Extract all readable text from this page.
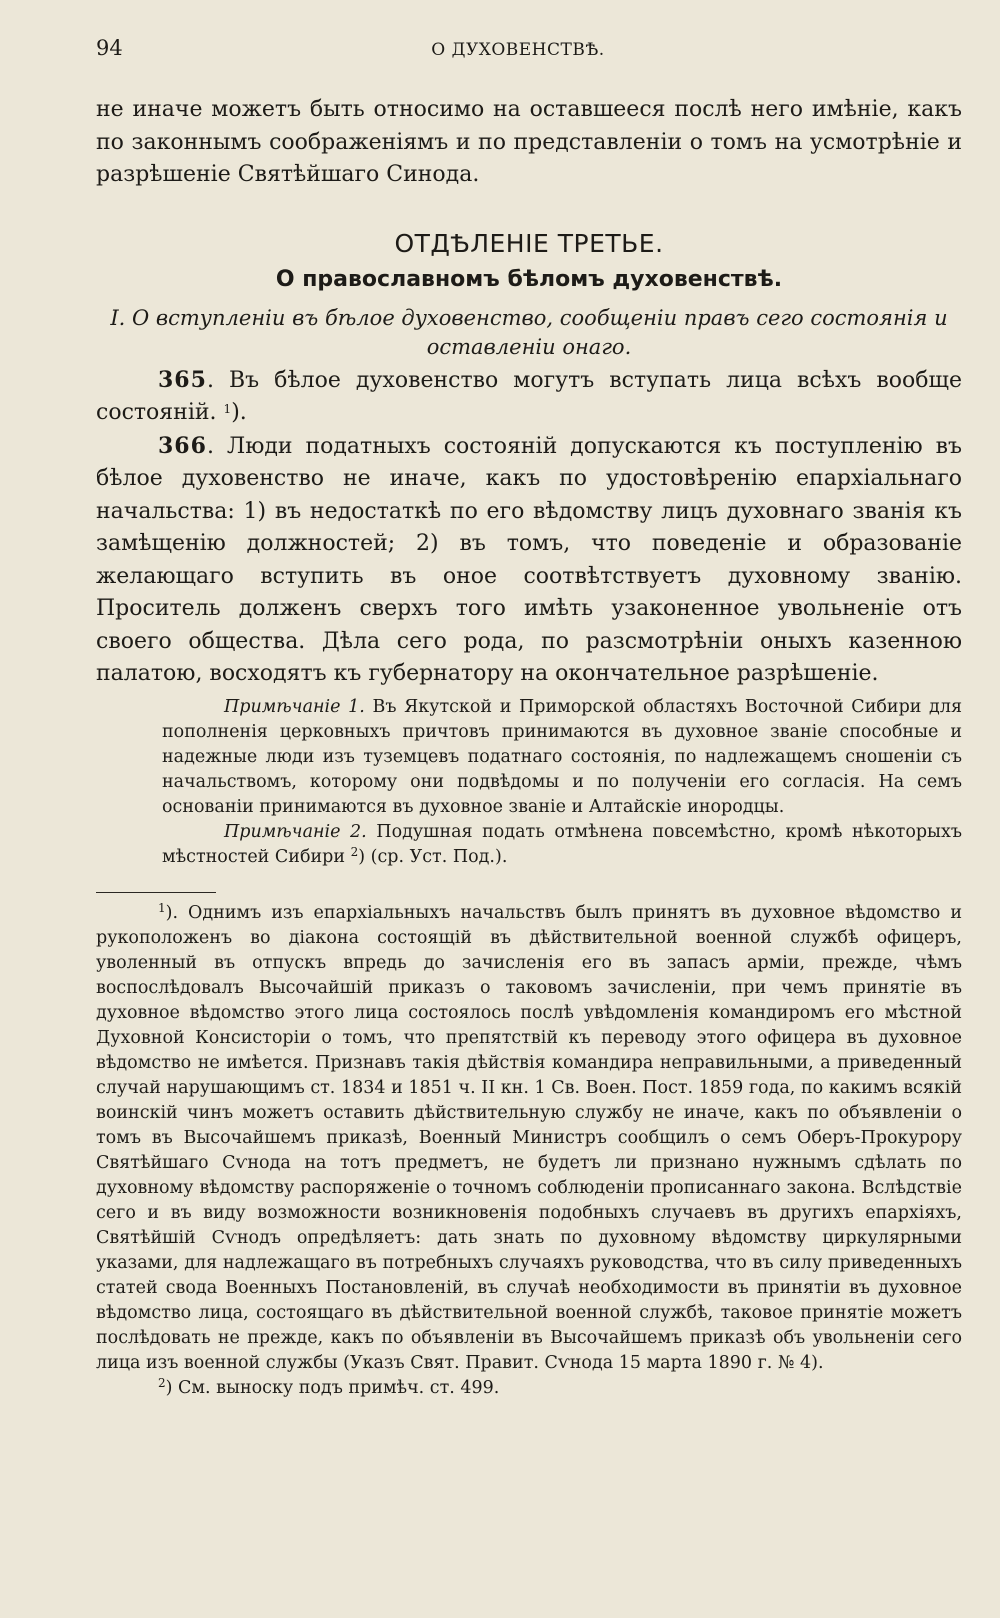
94	О ДУХОВЕНСТВѢ.

не иначе можетъ быть относимо на оставшееся послѣ него имѣніе, какъ по законнымъ соображеніямъ и по представленіи о томъ на усмотрѣніе и разрѣшеніе Святѣйшаго Синода.

ОТДѢЛЕНІЕ ТРЕТЬЕ.
О православномъ бѣломъ духовенствѣ.
I. О вступленіи въ бѣлое духовенство, сообщеніи правъ сего состоянія и оставленіи онаго.

365. Въ бѣлое духовенство могутъ вступать лица всѣхъ вообще состояній. $^1$).

366. Люди податныхъ состояній допускаются къ поступленію въ бѣлое духовенство не иначе, какъ по удостовѣренію епархіальнаго начальства: 1) въ недостаткѣ по его вѣдомству лицъ духовнаго званія къ замѣщенію должностей; 2) въ томъ, что поведеніе и образованіе желающаго вступить въ оное соотвѣтствуетъ духовному званію. Проситель долженъ сверхъ того имѣть узаконенное увольненіе отъ своего общества. Дѣла сего рода, по разсмотрѣніи оныхъ казенною палатою, восходятъ къ губернатору на окончательное разрѣшеніе.

Примѣчаніе 1. Въ Якутской и Приморской областяхъ Восточной Сибири для пополненія церковныхъ причтовъ принимаются въ духовное званіе способные и надежные люди изъ туземцевъ податнаго состоянія, по надлежащемъ сношеніи съ начальствомъ, которому они подвѣдомы и по полученіи его согласія. На семъ основаніи принимаются въ духовное званіе и Алтайскіе инородцы.

Примѣчаніе 2. Подушная подать отмѣнена повсемѣстно, кромѣ нѣкоторыхъ мѣстностей Сибири $^2$) (ср. Уст. Под.).

$^1$). Однимъ изъ епархіальныхъ начальствъ былъ принятъ въ духовное вѣдомство и рукоположенъ во діакона состоящій въ дѣйствительной военной службѣ офицеръ, уволенный въ отпускъ впредь до зачисленія его въ запасъ арміи, прежде, чѣмъ воспослѣдовалъ Высочайшій приказъ о таковомъ зачисленіи, при чемъ принятіе въ духовное вѣдомство этого лица состоялось послѣ увѣдомленія командиромъ его мѣстной Духовной Консисторіи о томъ, что препятствій къ переводу этого офицера въ духовное вѣдомство не имѣется. Признавъ такія дѣйствія командира неправильными, а приведенный случай нарушающимъ ст. 1834 и 1851 ч. II кн. 1 Св. Воен. Пост. 1859 года, по какимъ всякій воинскій чинъ можетъ оставить дѣйствительную службу не иначе, какъ по объявленіи о томъ въ Высочайшемъ приказѣ, Военный Министръ сообщилъ о семъ Оберъ-Прокурору Святѣйшаго Сѵнода на тотъ предметъ, не будетъ ли признано нужнымъ сдѣлать по духовному вѣдомству распоряженіе о точномъ соблюденіи прописаннаго закона. Вслѣдствіе сего и въ виду возможности возникновенія подобныхъ случаевъ въ другихъ епархіяхъ, Святѣйшій Сѵнодъ опредѣляетъ: дать знать по духовному вѣдомству циркулярными указами, для надлежащаго въ потребныхъ случаяхъ руководства, что въ силу приведенныхъ статей свода Военныхъ Постановленій, въ случаѣ необходимости въ принятіи въ духовное вѣдомство лица, состоящаго въ дѣйствительной военной службѣ, таковое принятіе можетъ послѣдовать не прежде, какъ по объявленіи въ Высочайшемъ приказѣ объ увольненіи сего лица изъ военной службы (Указъ Свят. Правит. Сѵнода 15 марта 1890 г. № 4).

$^2$) См. выноску подъ примѣч. ст. 499.
